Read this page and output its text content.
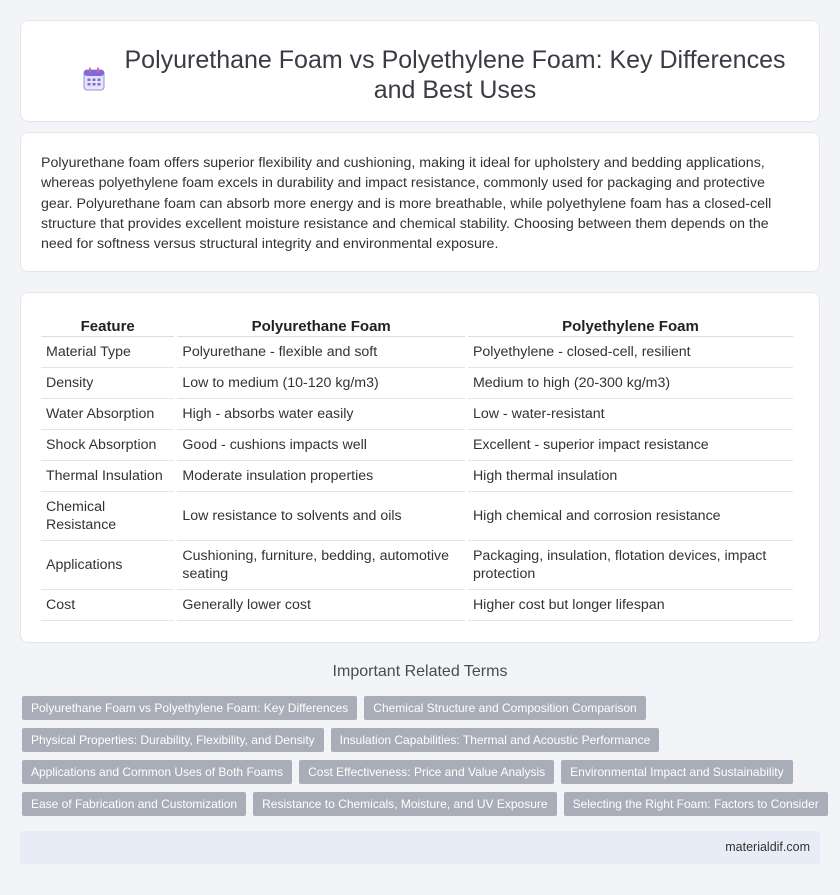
Polyurethane Foam vs Polyethylene Foam: Key Differences and Best Uses

Polyurethane foam offers superior flexibility and cushioning, making it ideal for upholstery and bedding applications, whereas polyethylene foam excels in durability and impact resistance, commonly used for packaging and protective gear. Polyurethane foam can absorb more energy and is more breathable, while polyethylene foam has a closed-cell structure that provides excellent moisture resistance and chemical stability. Choosing between them depends on the need for softness versus structural integrity and environmental exposure.

Feature	Polyurethane Foam	Polyethylene Foam
Material Type	Polyurethane - flexible and soft	Polyethylene - closed-cell, resilient
Density	Low to medium (10-120 kg/m3)	Medium to high (20-300 kg/m3)
Water Absorption	High - absorbs water easily	Low - water-resistant
Shock Absorption	Good - cushions impacts well	Excellent - superior impact resistance
Thermal Insulation	Moderate insulation properties	High thermal insulation
Chemical Resistance	Low resistance to solvents and oils	High chemical and corrosion resistance
Applications	Cushioning, furniture, bedding, automotive seating	Packaging, insulation, flotation devices, impact protection
Cost	Generally lower cost	Higher cost but longer lifespan
Important Related Terms
Polyurethane Foam vs Polyethylene Foam: Key Differences	Chemical Structure and Composition Comparison
Physical Properties: Durability, Flexibility, and Density	Insulation Capabilities: Thermal and Acoustic Performance
Applications and Common Uses of Both Foams	Cost Effectiveness: Price and Value Analysis	Environmental Impact and Sustainability
Ease of Fabrication and Customization	Resistance to Chemicals, Moisture, and UV Exposure	Selecting the Right Foam: Factors to Consider
materialdif.com
